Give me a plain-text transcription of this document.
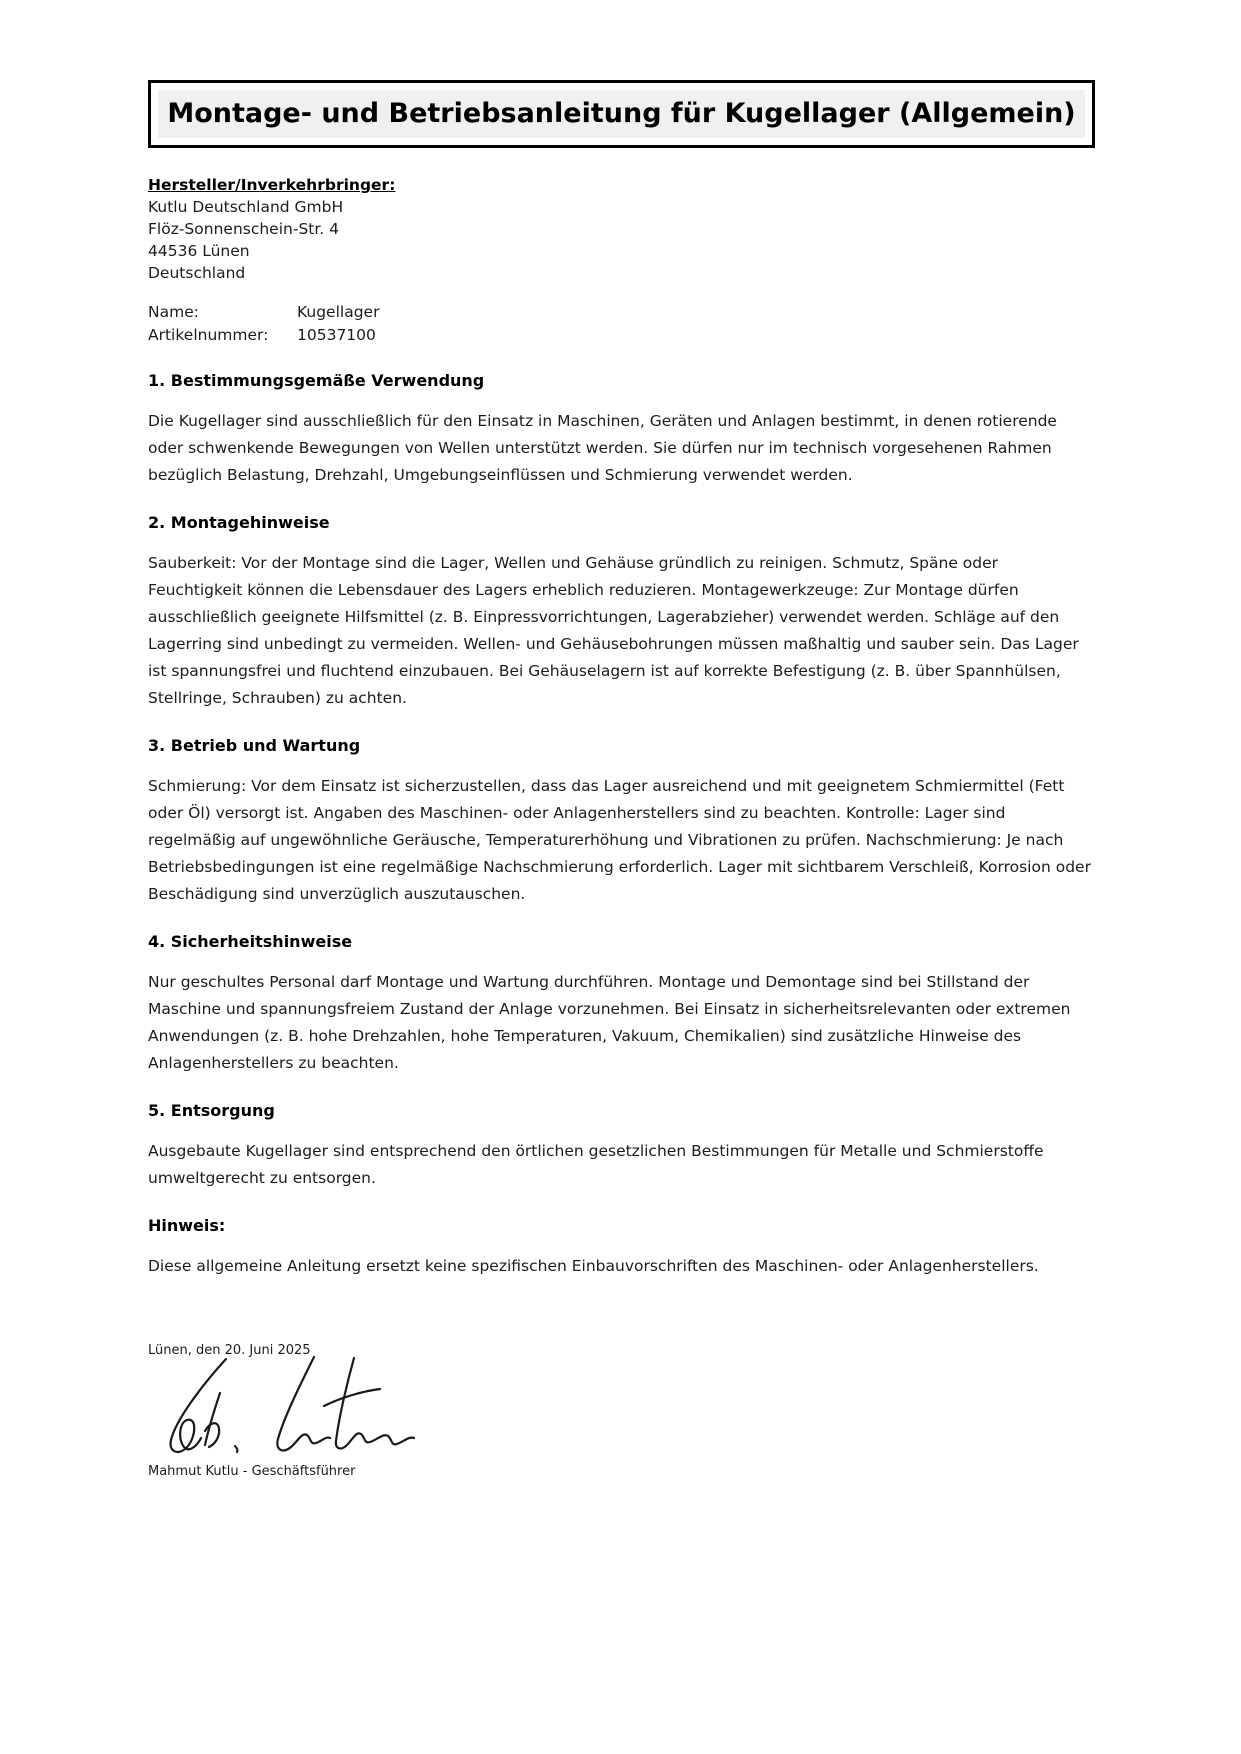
Montage- und Betriebsanleitung für Kugellager (Allgemein)
Hersteller/Inverkehrbringer:
Kutlu Deutschland GmbH
Flöz-Sonnenschein-Str. 4
44536 Lünen
Deutschland
Name:	Kugellager
Artikelnummer:	10537100
1. Bestimmungsgemäße Verwendung

Die Kugellager sind ausschließlich für den Einsatz in Maschinen, Geräten und Anlagen bestimmt, in denen rotierende oder schwenkende Bewegungen von Wellen unterstützt werden. Sie dürfen nur im technisch vorgesehenen Rahmen bezüglich Belastung, Drehzahl, Umgebungseinflüssen und Schmierung verwendet werden.

2. Montagehinweise

Sauberkeit: Vor der Montage sind die Lager, Wellen und Gehäuse gründlich zu reinigen. Schmutz, Späne oder Feuchtigkeit können die Lebensdauer des Lagers erheblich reduzieren. Montagewerkzeuge: Zur Montage dürfen ausschließlich geeignete Hilfsmittel (z. B. Einpressvorrichtungen, Lagerabzieher) verwendet werden. Schläge auf den Lagerring sind unbedingt zu vermeiden. Wellen- und Gehäusebohrungen müssen maßhaltig und sauber sein. Das Lager ist spannungsfrei und fluchtend einzubauen. Bei Gehäuselagern ist auf korrekte Befestigung (z. B. über Spannhülsen, Stellringe, Schrauben) zu achten.

3. Betrieb und Wartung

Schmierung: Vor dem Einsatz ist sicherzustellen, dass das Lager ausreichend und mit geeignetem Schmiermittel (Fett oder Öl) versorgt ist. Angaben des Maschinen- oder Anlagenherstellers sind zu beachten. Kontrolle: Lager sind regelmäßig auf ungewöhnliche Geräusche, Temperaturerhöhung und Vibrationen zu prüfen. Nachschmierung: Je nach Betriebsbedingungen ist eine regelmäßige Nachschmierung erforderlich. Lager mit sichtbarem Verschleiß, Korrosion oder Beschädigung sind unverzüglich auszutauschen.

4. Sicherheitshinweise

Nur geschultes Personal darf Montage und Wartung durchführen. Montage und Demontage sind bei Stillstand der Maschine und spannungsfreiem Zustand der Anlage vorzunehmen. Bei Einsatz in sicherheitsrelevanten oder extremen Anwendungen (z. B. hohe Drehzahlen, hohe Temperaturen, Vakuum, Chemikalien) sind zusätzliche Hinweise des Anlagenherstellers zu beachten.

5. Entsorgung

Ausgebaute Kugellager sind entsprechend den örtlichen gesetzlichen Bestimmungen für Metalle und Schmierstoffe umweltgerecht zu entsorgen.

Hinweis:

Diese allgemeine Anleitung ersetzt keine spezifischen Einbauvorschriften des Maschinen- oder Anlagenherstellers.

Lünen, den 20. Juni 2025
Mahmut Kutlu - Geschäftsführer
